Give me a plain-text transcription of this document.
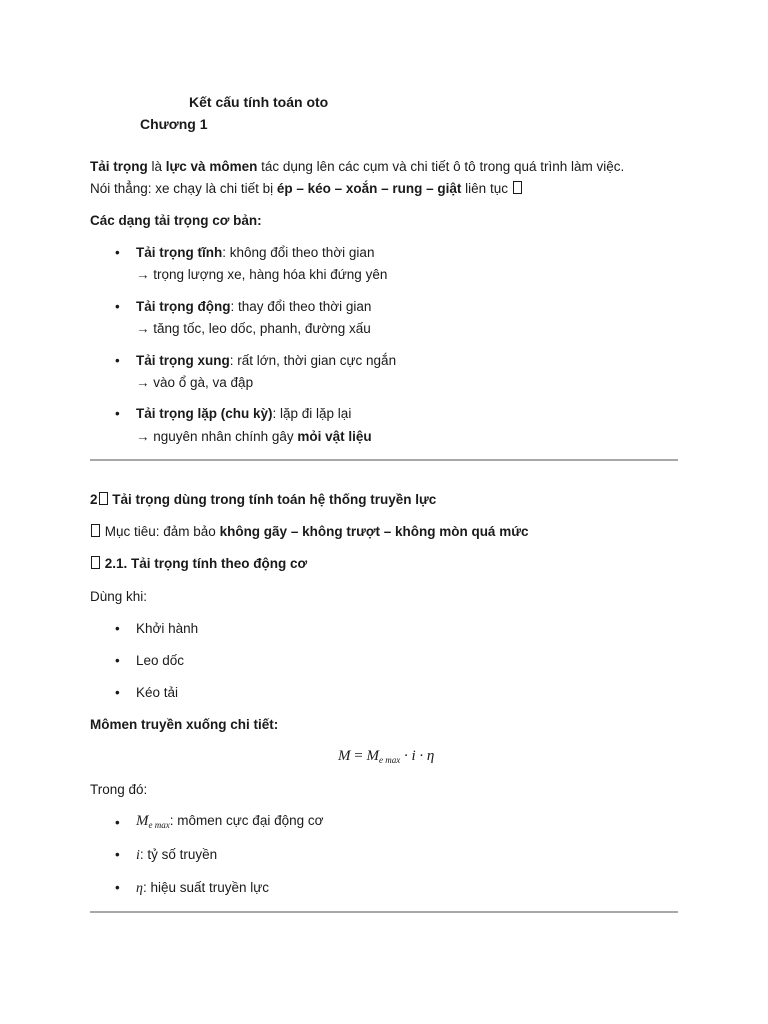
Kết cấu tính toán oto
Chương 1
Tải trọng là lực và mômen tác dụng lên các cụm và chi tiết ô tô trong quá trình làm việc.
Nói thẳng: xe chạy là chi tiết bị ép – kéo – xoắn – rung – giật liên tục
Các dạng tải trọng cơ bản:
• Tải trọng tĩnh: không đổi theo thời gian
→ trọng lượng xe, hàng hóa khi đứng yên
• Tải trọng động: thay đổi theo thời gian
→ tăng tốc, leo dốc, phanh, đường xấu
• Tải trọng xung: rất lớn, thời gian cực ngắn
→ vào ổ gà, va đập
• Tải trọng lặp (chu kỳ): lặp đi lặp lại
→ nguyên nhân chính gây mỏi vật liệu
2 Tải trọng dùng trong tính toán hệ thống truyền lực
Mục tiêu: đảm bảo không gãy – không trượt – không mòn quá mức
2.1. Tải trọng tính theo động cơ
Dùng khi:
• Khởi hành
• Leo dốc
• Kéo tải
Mômen truyền xuống chi tiết:
$M = M_{e max} \cdot i \cdot \eta$
Trong đó:
• $M_{e max}$: mômen cực đại động cơ
• i: tỷ số truyền
• η: hiệu suất truyền lực
